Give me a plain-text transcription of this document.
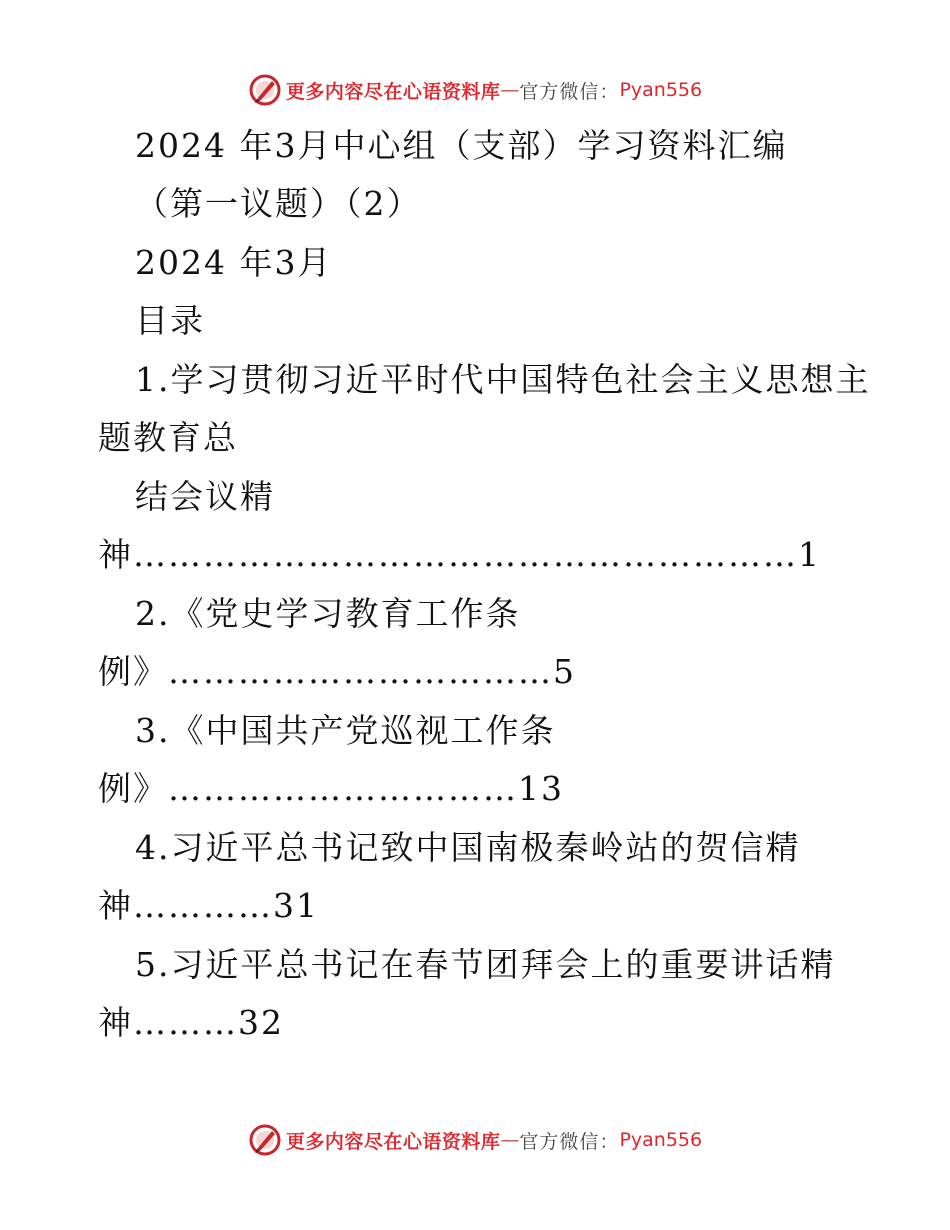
更多内容尽在心语资料库 — 官方微信： Pyan556
2024 年3月中心组（支部）学习资料汇编
（第一议题）（2）
2024 年3月
目录
1.学习贯彻习近平时代中国特色社会主义思想主
题教育总
结会议精
神…………………………………………………1
2.《党史学习教育工作条
例》……………………………5
3.《中国共产党巡视工作条
例》…………………………13
4.习近平总书记致中国南极秦岭站的贺信精
神…………31
5.习近平总书记在春节团拜会上的重要讲话精
神………32
更多内容尽在心语资料库 — 官方微信： Pyan556
